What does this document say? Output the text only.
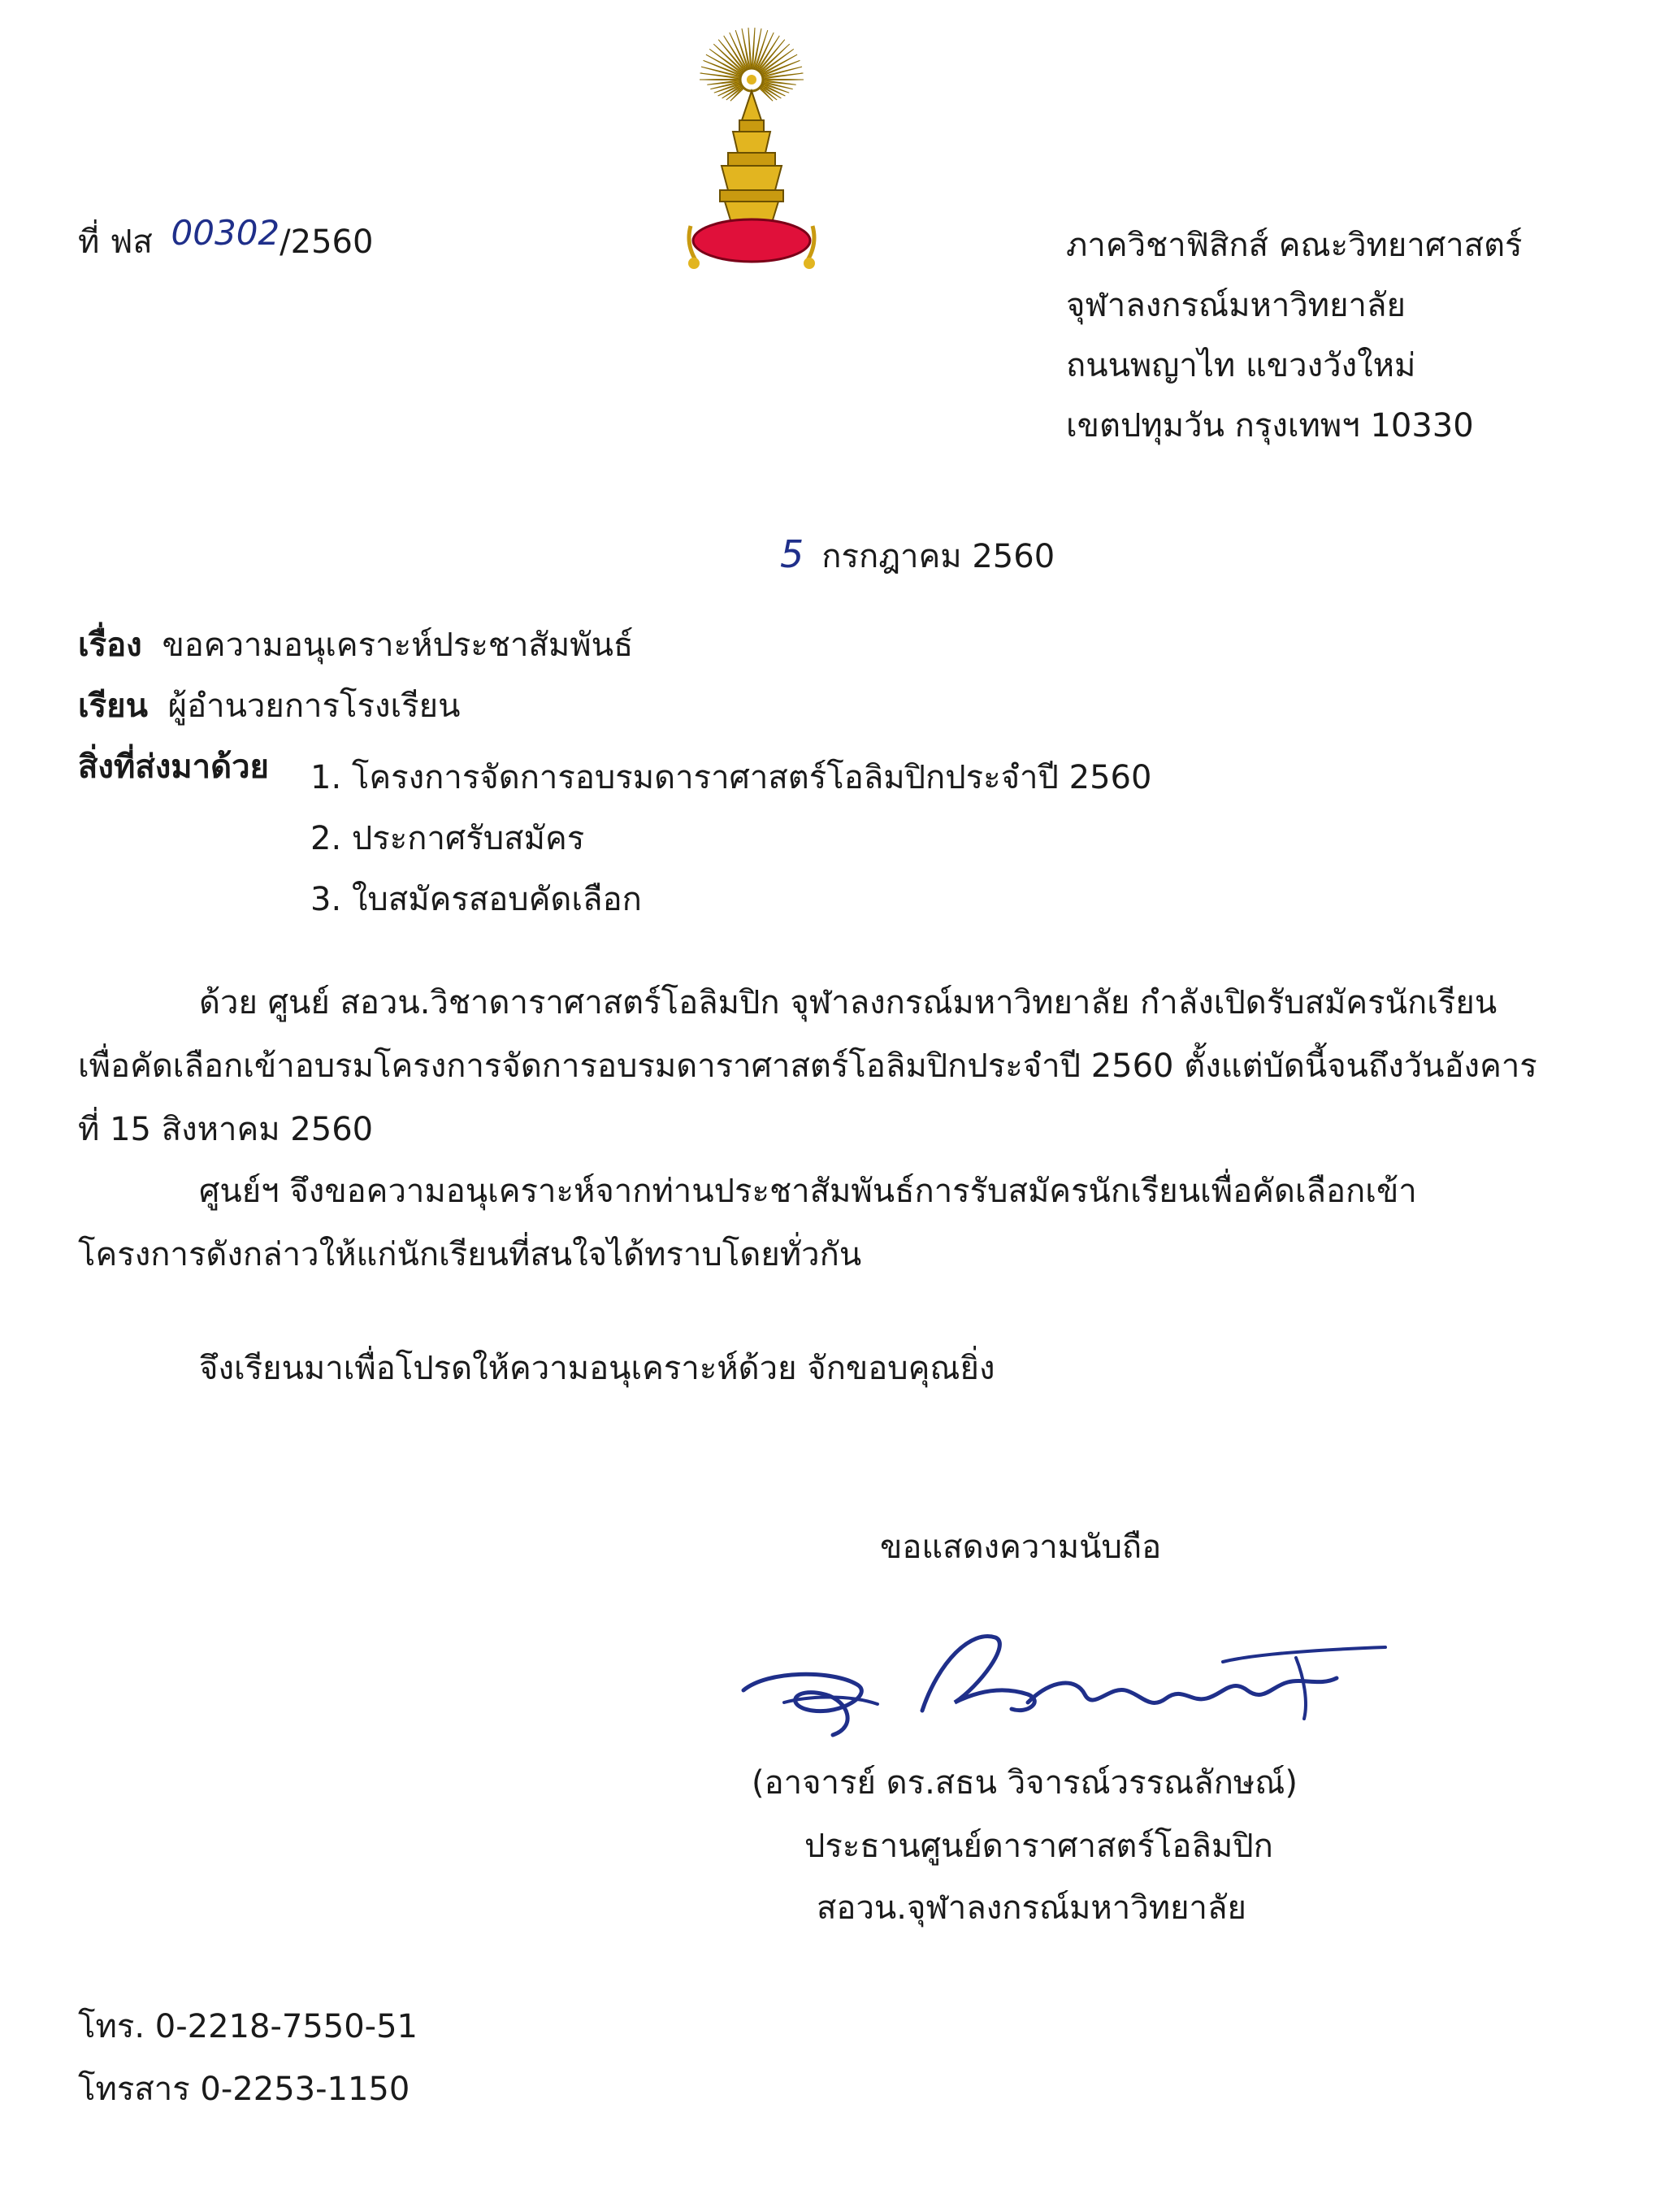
ที่ ฟส 00302/2560	ภาควิชาฟิสิกส์ คณะวิทยาศาสตร์
จุฬาลงกรณ์มหาวิทยาลัย
ถนนพญาไท แขวงวังใหม่
เขตปทุมวัน กรุงเทพฯ 10330
5 กรกฎาคม 2560
เรื่อง ขอความอนุเคราะห์ประชาสัมพันธ์
เรียน ผู้อำนวยการโรงเรียน
สิ่งที่ส่งมาด้วย 1. โครงการจัดการอบรมดาราศาสตร์โอลิมปิกประจำปี 2560
2. ประกาศรับสมัคร
3. ใบสมัครสอบคัดเลือก
ด้วย ศูนย์ สอวน.วิชาดาราศาสตร์โอลิมปิก จุฬาลงกรณ์มหาวิทยาลัย กำลังเปิดรับสมัครนักเรียน
เพื่อคัดเลือกเข้าอบรมโครงการจัดการอบรมดาราศาสตร์โอลิมปิกประจำปี 2560 ตั้งแต่บัดนี้จนถึงวันอังคาร
ที่ 15 สิงหาคม 2560
ศูนย์ฯ จึงขอความอนุเคราะห์จากท่านประชาสัมพันธ์การรับสมัครนักเรียนเพื่อคัดเลือกเข้า
โครงการดังกล่าวให้แก่นักเรียนที่สนใจได้ทราบโดยทั่วกัน
จึงเรียนมาเพื่อโปรดให้ความอนุเคราะห์ด้วย จักขอบคุณยิ่ง
ขอแสดงความนับถือ
(อาจารย์ ดร.สธน วิจารณ์วรรณลักษณ์)
ประธานศูนย์ดาราศาสตร์โอลิมปิก
สอวน.จุฬาลงกรณ์มหาวิทยาลัย
โทร. 0-2218-7550-51
โทรสาร 0-2253-1150
